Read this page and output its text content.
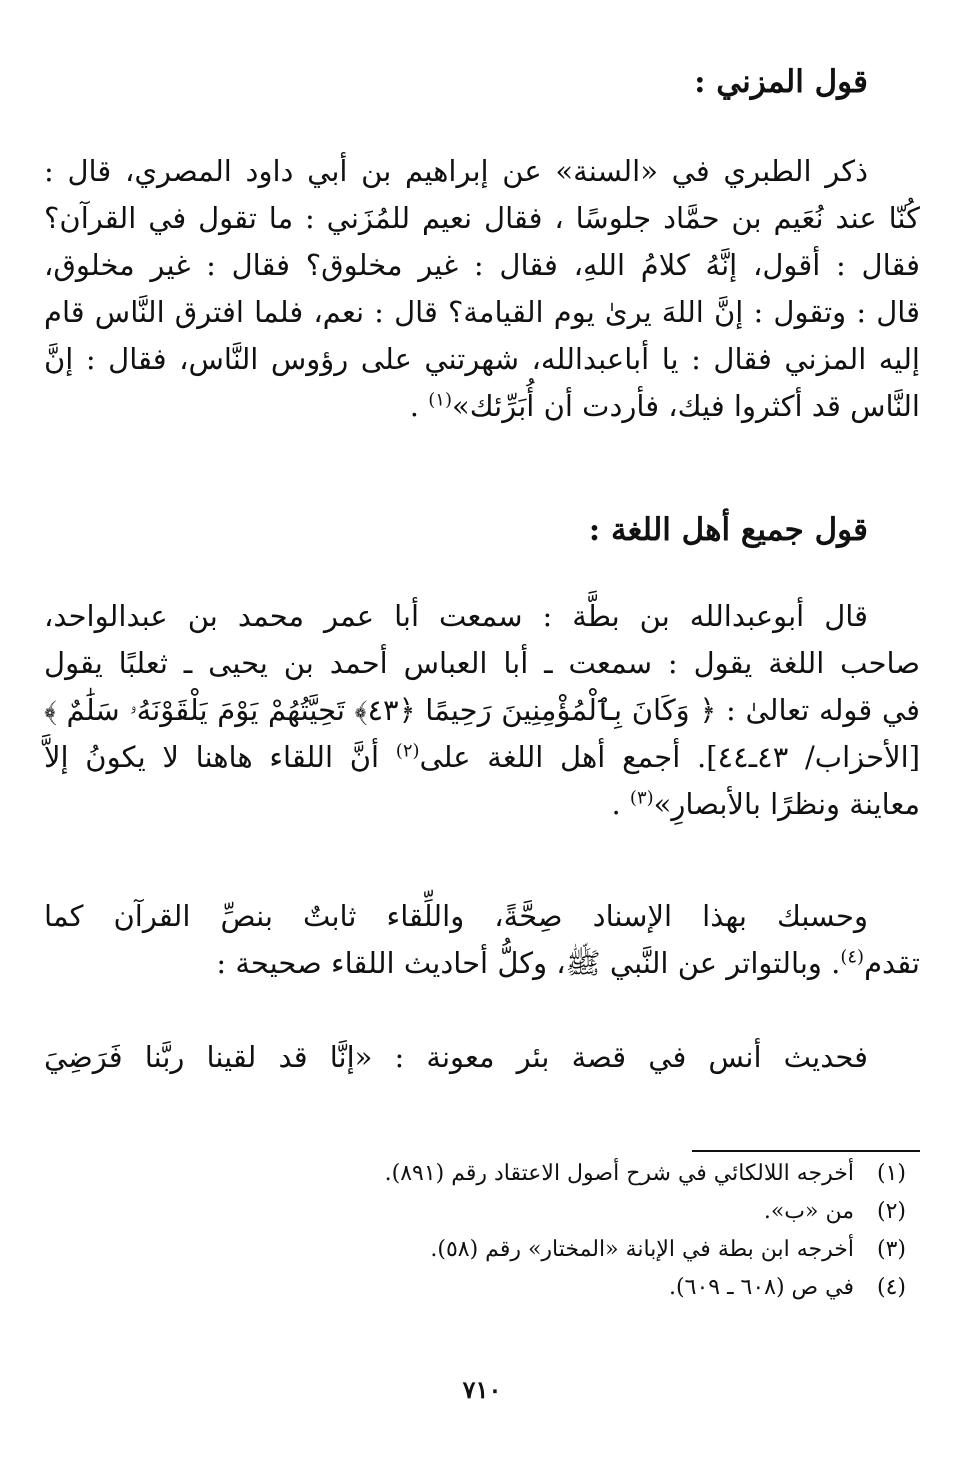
قول المزني :
ذكر الطبري في «السنة» عن إبراهيم بن أبي داود المصري، قال :
كُنّا عند نُعَيم بن حمَّاد جلوسًا ، فقال نعيم للمُزَني : ما تقول في القرآن؟
فقال : أقول، إنَّهُ كلامُ اللهِ، فقال : غير مخلوق؟ فقال : غير مخلوق،
قال : وتقول : إنَّ اللهَ يرىٰ يوم القيامة؟ قال : نعم، فلما افترق النَّاس قام
إليه المزني فقال : يا أباعبدالله، شهرتني على رؤوس النَّاس، فقال : إنَّ
النَّاس قد أكثروا فيك، فأردت أن أُبَرِّئك»$^{(١)}$ .
قول جميع أهل اللغة :
قال أبوعبدالله بن بطَّة : سمعت أبا عمر محمد بن عبدالواحد،
صاحب اللغة يقول : سمعت ـ أبا العباس أحمد بن يحيى ـ ثعلبًا يقول
في قوله تعالىٰ : ﴿ وَكَانَ بِٱلْمُؤْمِنِينَ رَحِيمًا ﴿٤٣﴾ تَحِيَّتُهُمْ يَوْمَ يَلْقَوْنَهُۥ سَلَٰمٌ ﴾
[الأحزاب/ ٤٣ـ٤٤]. أجمع أهل اللغة على$^{(٢)}$ أنَّ اللقاء هاهنا لا يكونُ إلاَّ
معاينة ونظرًا بالأبصارِ»$^{(٣)}$ .
وحسبك بهذا الإسناد صِحَّةً، واللِّقاء ثابتٌ بنصِّ القرآن كما
تقدم$^{(٤)}$. وبالتواتر عن النَّبي ﷺ، وكلُّ أحاديث اللقاء صحيحة :
فحديث أنس في قصة بئر معونة : «إنَّا قد لقينا ربَّنا فَرَضِيَ
(١)أخرجه اللالكائي في شرح أصول الاعتقاد رقم (٨٩١).
(٢)من «ب».
(٣)أخرجه ابن بطة في الإبانة «المختار» رقم (٥٨).
(٤)في ص (٦٠٨ ـ ٦٠٩).
٧١٠
